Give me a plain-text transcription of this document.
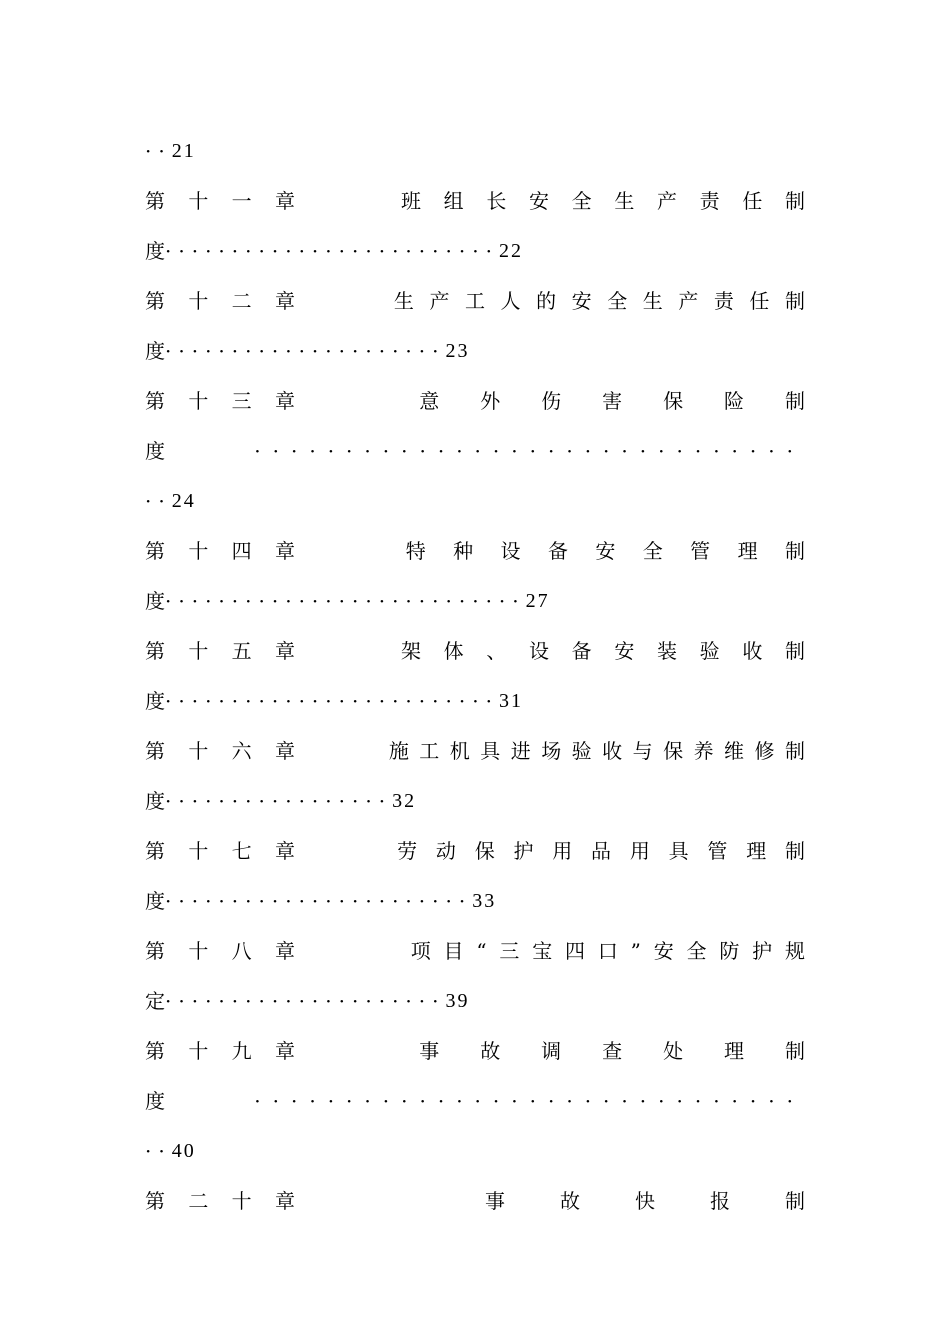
·· 21
第十一章	班组长安全生产责任制
度 ························· 22
第十二章	生产工人的安全生产责任制
度 ····················· 23
第十三章	意外伤害保险制
度	······························
·· 24
第十四章	特种设备安全管理制
度 ··························· 27
第十五章	架体、设备安装验收制
度 ························· 31
第十六章	施工机具进场验收与保养维修制
度 ················· 32
第十七章	劳动保护用品用具管理制
度 ······················· 33
第十八章	项目“三宝四口”安全防护规
定 ····················· 39
第十九章	事故调查处理制
度	······························
·· 40
第二十章	事故快报制
